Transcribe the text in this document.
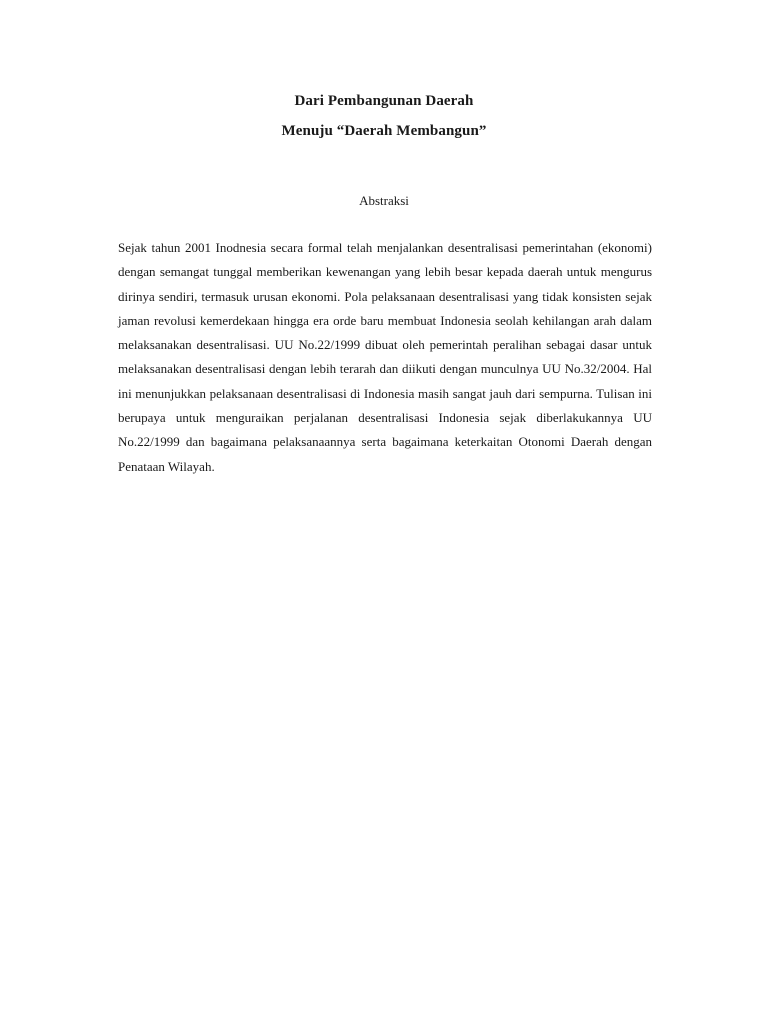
Dari Pembangunan Daerah
Menuju “Daerah Membangun”
Abstraksi

Sejak tahun 2001 Inodnesia secara formal telah menjalankan desentralisasi pemerintahan (ekonomi) dengan semangat tunggal memberikan kewenangan yang lebih besar kepada daerah untuk mengurus dirinya sendiri, termasuk urusan ekonomi. Pola pelaksanaan desentralisasi yang tidak konsisten sejak jaman revolusi kemerdekaan hingga era orde baru membuat Indonesia seolah kehilangan arah dalam melaksanakan desentralisasi. UU No.22/1999 dibuat oleh pemerintah peralihan sebagai dasar untuk melaksanakan desentralisasi dengan lebih terarah dan diikuti dengan munculnya UU No.32/2004. Hal ini menunjukkan pelaksanaan desentralisasi di Indonesia masih sangat jauh dari sempurna. Tulisan ini berupaya untuk menguraikan perjalanan desentralisasi Indonesia sejak diberlakukannya UU No.22/1999 dan bagaimana pelaksanaannya serta bagaimana keterkaitan Otonomi Daerah dengan Penataan Wilayah.
